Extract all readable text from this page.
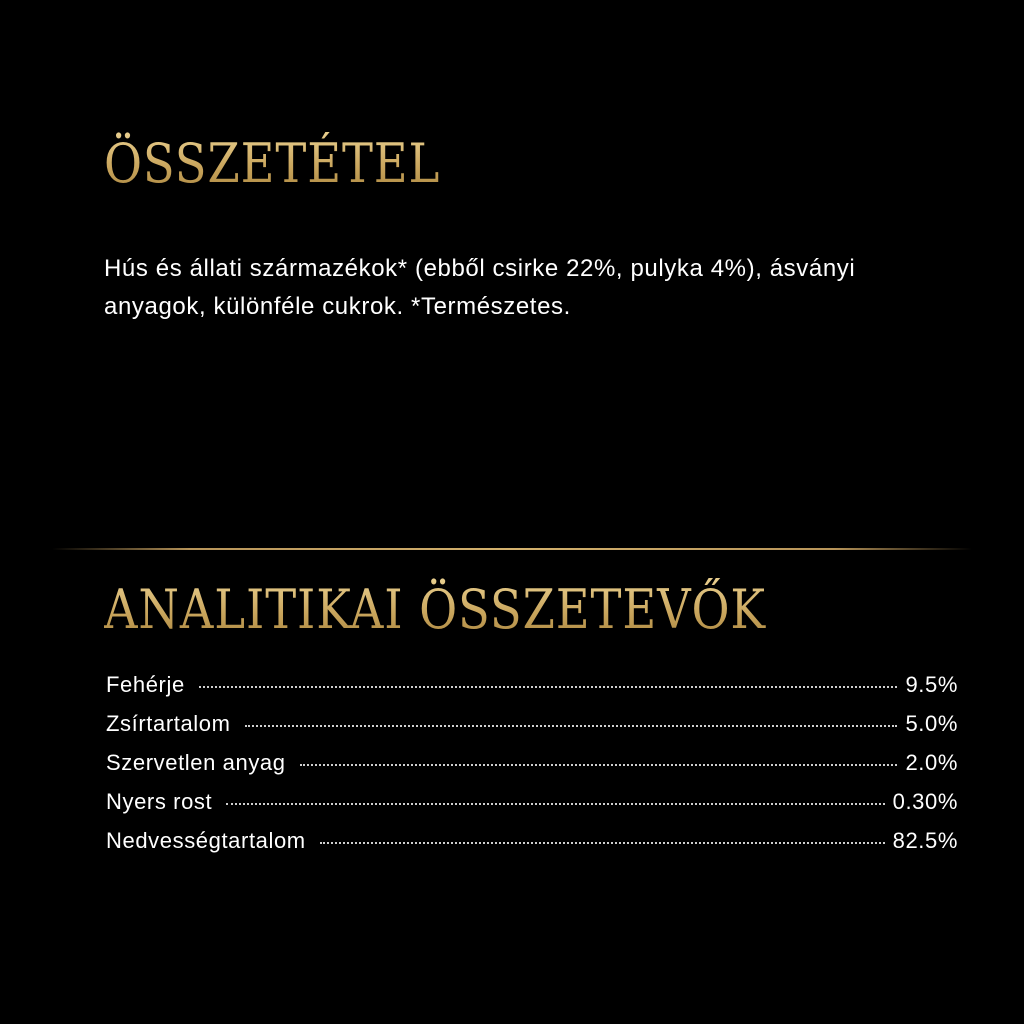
ÖSSZETÉTEL

Hús és állati származékok* (ebből csirke 22%, pulyka 4%), ásványi anyagok, különféle cukrok. *Természetes.

ANALITIKAI ÖSSZETEVŐK
Fehérje	9.5%
Zsírtartalom	5.0%
Szervetlen anyag	2.0%
Nyers rost	0.30%
Nedvességtartalom	82.5%
